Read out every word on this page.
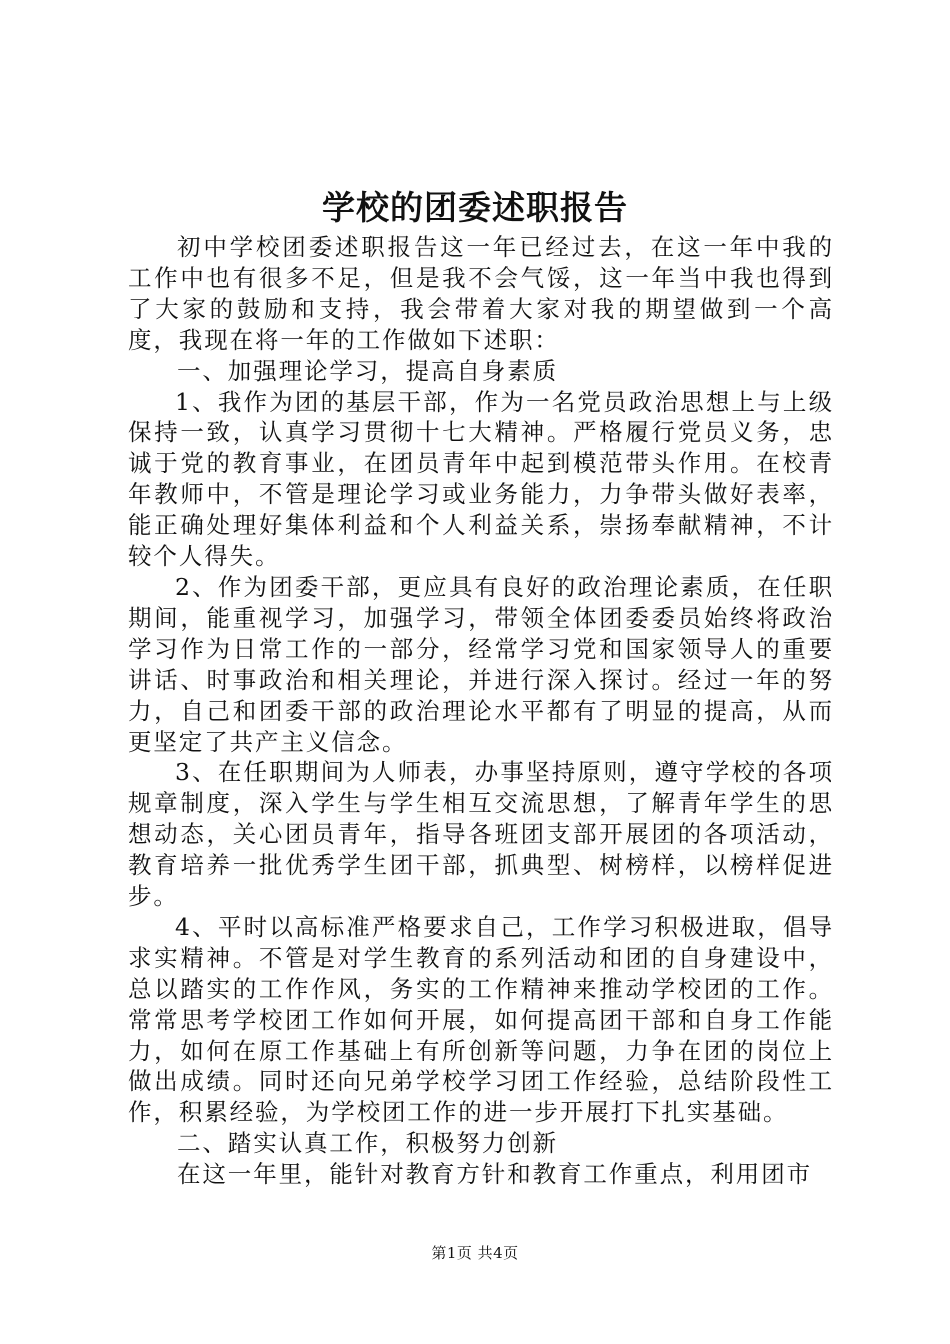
学校的团委述职报告

初中学校团委述职报告这一年已经过去，在这一年中我的工作中也有很多不足，但是我不会气馁，这一年当中我也得到了大家的鼓励和支持，我会带着大家对我的期望做到一个高度，我现在将一年的工作做如下述职：

一、加强理论学习，提高自身素质

1、我作为团的基层干部，作为一名党员政治思想上与上级保持一致，认真学习贯彻十七大精神。严格履行党员义务，忠诚于党的教育事业，在团员青年中起到模范带头作用。在校青年教师中，不管是理论学习或业务能力，力争带头做好表率，能正确处理好集体利益和个人利益关系，崇扬奉献精神，不计较个人得失。

2、作为团委干部，更应具有良好的政治理论素质，在任职期间，能重视学习，加强学习，带领全体团委委员始终将政治学习作为日常工作的一部分，经常学习党和国家领导人的重要讲话、时事政治和相关理论，并进行深入探讨。经过一年的努力，自己和团委干部的政治理论水平都有了明显的提高，从而更坚定了共产主义信念。

3、在任职期间为人师表，办事坚持原则，遵守学校的各项规章制度，深入学生与学生相互交流思想，了解青年学生的思想动态，关心团员青年，指导各班团支部开展团的各项活动，教育培养一批优秀学生团干部，抓典型、树榜样，以榜样促进步。

4、平时以高标准严格要求自己，工作学习积极进取，倡导求实精神。不管是对学生教育的系列活动和团的自身建设中，总以踏实的工作作风，务实的工作精神来推动学校团的工作。常常思考学校团工作如何开展，如何提高团干部和自身工作能力，如何在原工作基础上有所创新等问题，力争在团的岗位上做出成绩。同时还向兄弟学校学习团工作经验，总结阶段性工作，积累经验，为学校团工作的进一步开展打下扎实基础。

二、踏实认真工作，积极努力创新

在这一年里，能针对教育方针和教育工作重点，利用团市

第1页 共4页
